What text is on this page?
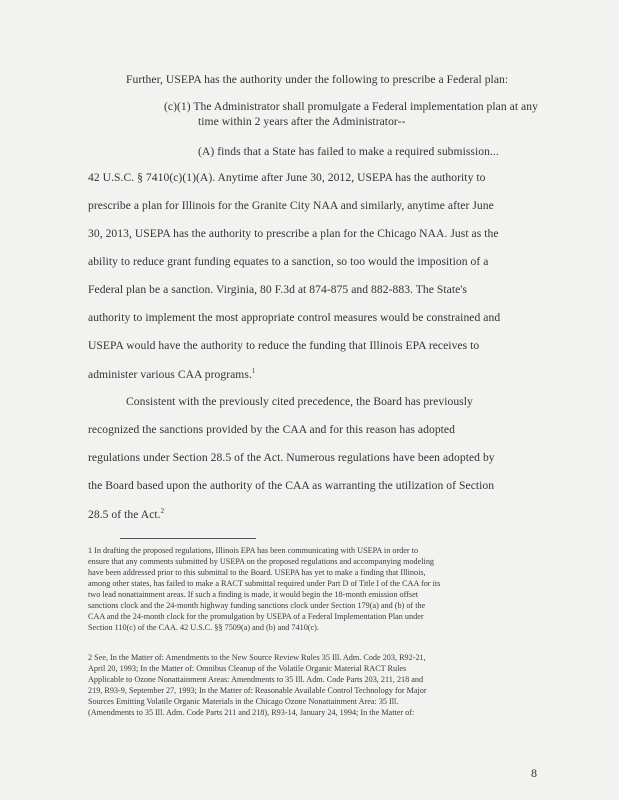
Further, USEPA has the authority under the following to prescribe a Federal plan:
(c)(1) The Administrator shall promulgate a Federal implementation plan at any
time within 2 years after the Administrator--
(A) finds that a State has failed to make a required submission...
42 U.S.C. § 7410(c)(1)(A). Anytime after June 30, 2012, USEPA has the authority to
prescribe a plan for Illinois for the Granite City NAA and similarly, anytime after June
30, 2013, USEPA has the authority to prescribe a plan for the Chicago NAA. Just as the
ability to reduce grant funding equates to a sanction, so too would the imposition of a
Federal plan be a sanction. Virginia, 80 F.3d at 874-875 and 882-883. The State's
authority to implement the most appropriate control measures would be constrained and
USEPA would have the authority to reduce the funding that Illinois EPA receives to
administer various CAA programs.$^1$
Consistent with the previously cited precedence, the Board has previously
recognized the sanctions provided by the CAA and for this reason has adopted
regulations under Section 28.5 of the Act. Numerous regulations have been adopted by
the Board based upon the authority of the CAA as warranting the utilization of Section
28.5 of the Act.$^2$
1 In drafting the proposed regulations, Illinois EPA has been communicating with USEPA in order to
ensure that any comments submitted by USEPA on the proposed regulations and accompanying modeling
have been addressed prior to this submittal to the Board. USEPA has yet to make a finding that Illinois,
among other states, has failed to make a RACT submittal required under Part D of Title I of the CAA for its
two lead nonattainment areas. If such a finding is made, it would begin the 18-month emission offset
sanctions clock and the 24-month highway funding sanctions clock under Section 179(a) and (b) of the
CAA and the 24-month clock for the promulgation by USEPA of a Federal Implementation Plan under
Section 110(c) of the CAA. 42 U.S.C. §§ 7509(a) and (b) and 7410(c).
2 See, In the Matter of: Amendments to the New Source Review Rules 35 Ill. Adm. Code 203, R92-21,
April 20, 1993; In the Matter of: Omnibus Cleanup of the Volatile Organic Material RACT Rules
Applicable to Ozone Nonattainment Areas: Amendments to 35 Ill. Adm. Code Parts 203, 211, 218 and
219, R93-9, September 27, 1993; In the Matter of: Reasonable Available Control Technology for Major
Sources Emitting Volatile Organic Materials in the Chicago Ozone Nonattainment Area: 35 Ill.
(Amendments to 35 Ill. Adm. Code Parts 211 and 218), R93-14, January 24, 1994; In the Matter of:
8
